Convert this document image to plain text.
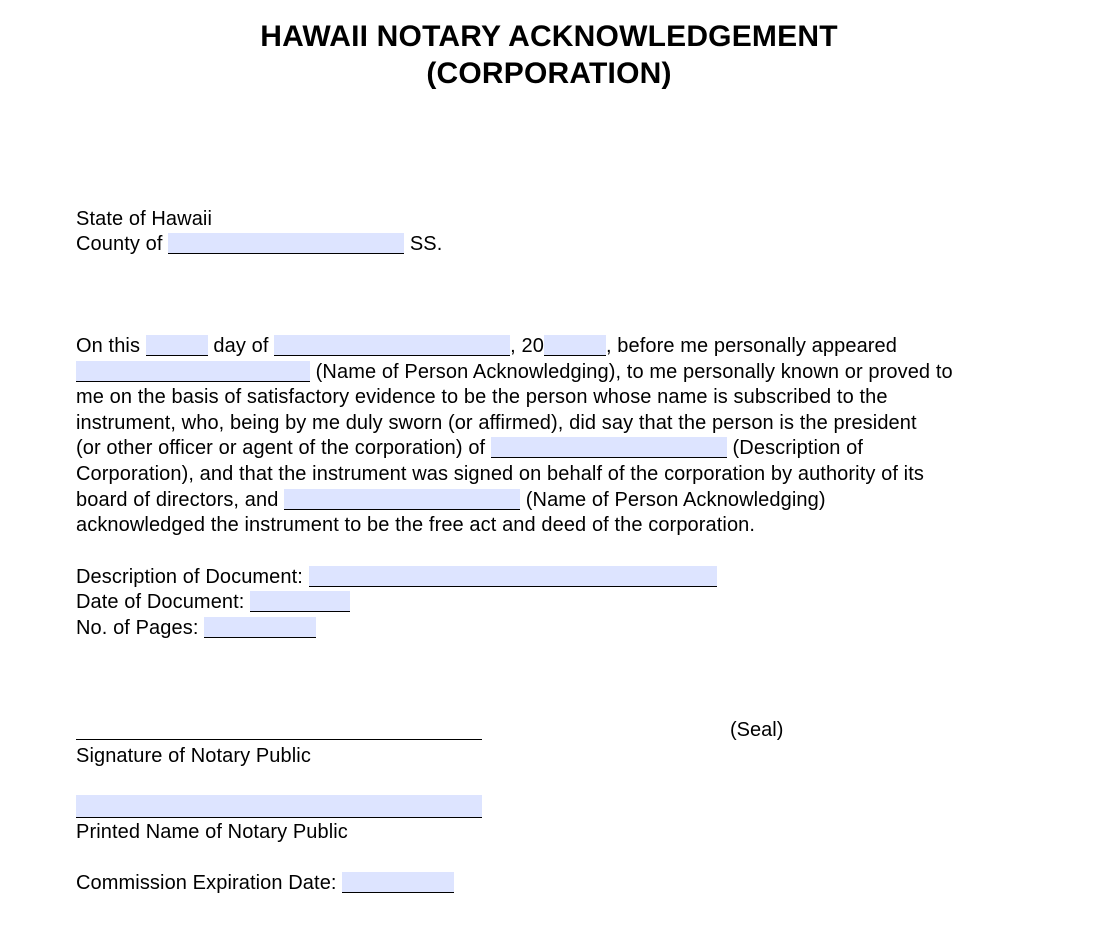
HAWAII NOTARY ACKNOWLEDGEMENT
(CORPORATION)
State of Hawaii
County of	SS.
On this	day of	, 20	, before me personally appeared
(Name of Person Acknowledging), to me personally known or proved to
me on the basis of satisfactory evidence to be the person whose name is subscribed to the
instrument, who, being by me duly sworn (or affirmed), did say that the person is the president
(or other officer or agent of the corporation) of	(Description of
Corporation), and that the instrument was signed on behalf of the corporation by authority of its
board of directors, and	(Name of Person Acknowledging)
acknowledged the instrument to be the free act and deed of the corporation.
Description of Document:
Date of Document:
No. of Pages:
(Seal)
Signature of Notary Public
Printed Name of Notary Public
Commission Expiration Date:
